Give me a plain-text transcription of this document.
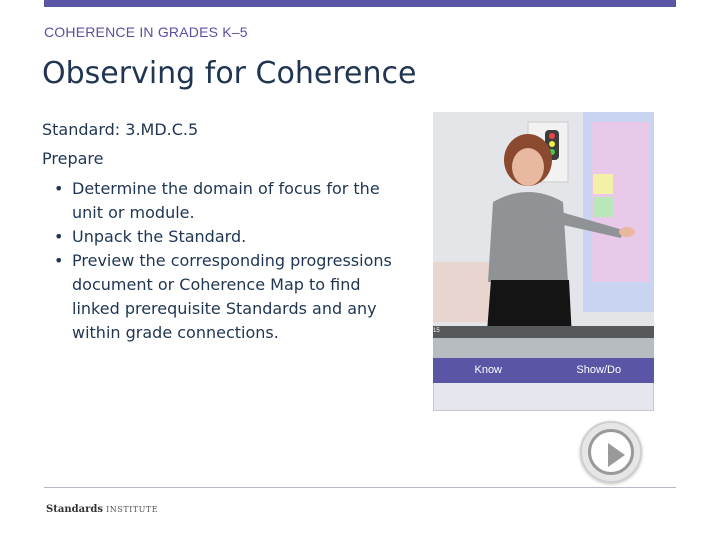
COHERENCE IN GRADES K–5
Observing for Coherence
Standard: 3.MD.C.5
Prepare
• Determine the domain of focus for the unit or module.
• Unpack the Standard.
• Preview the corresponding progressions document or Coherence Map to find linked prerequisite Standards and any within grade connections.	15
Know	Show/Do
Standards INSTITUTE
